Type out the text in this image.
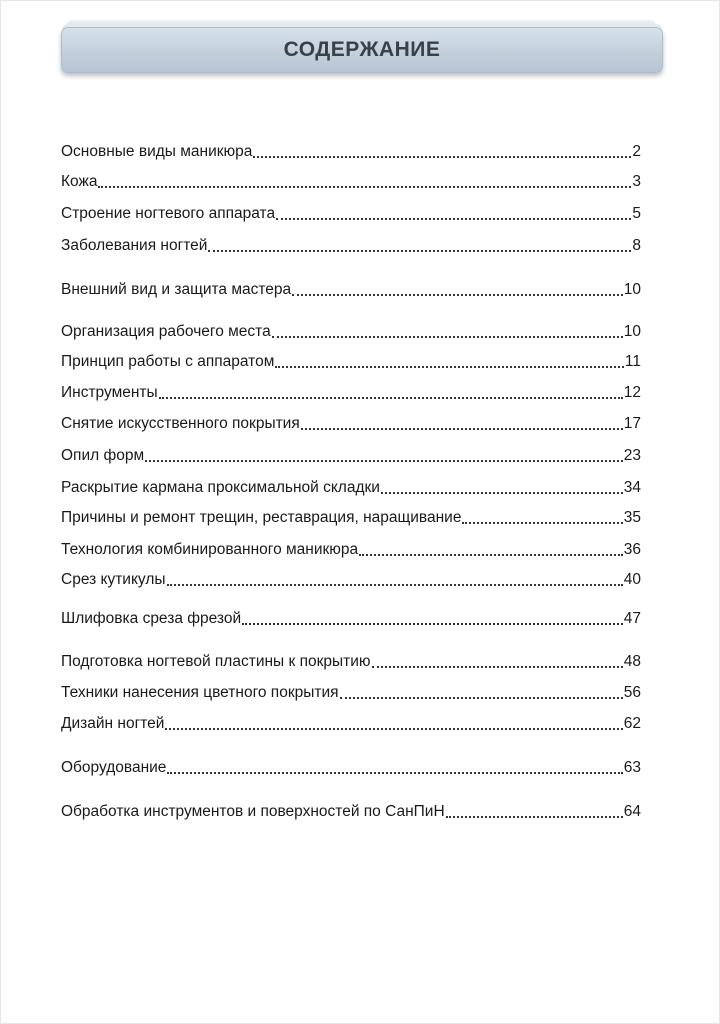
СОДЕРЖАНИЕ
Основные виды маникюра	2
Кожа	3
Строение ногтевого аппарата	5
Заболевания ногтей	8
Внешний вид и защита мастера	10
Организация рабочего места	10
Принцип работы с аппаратом	11
Инструменты	12
Снятие искусственного покрытия	17
Опил форм	23
Раскрытие кармана проксимальной складки	34
Причины и ремонт трещин, реставрация, наращивание	35
Технология комбинированного маникюра	36
Срез кутикулы	40
Шлифовка среза фрезой	47
Подготовка ногтевой пластины к покрытию	48
Техники нанесения цветного покрытия	56
Дизайн ногтей	62
Оборудование	63
Обработка инструментов и поверхностей по СанПиН	64
